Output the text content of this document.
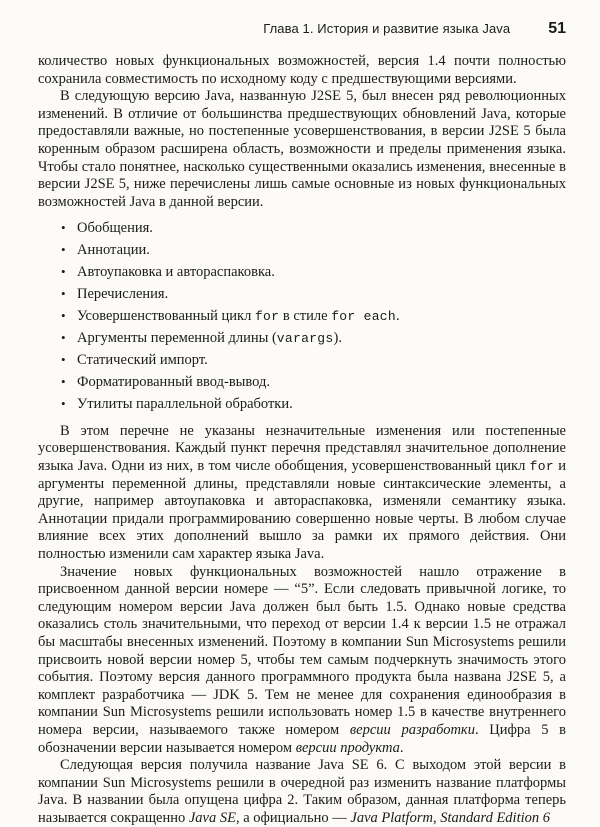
Глава 1. История и развитие языка Java 51

количество новых функциональных возможностей, версия 1.4 почти полностью сохранила совместимость по исходному коду с предшествующими версиями.

В следующую версию Java, названную J2SE 5, был внесен ряд революционных изменений. В отличие от большинства предшествующих обновлений Java, которые предоставляли важные, но постепенные усовершенствования, в версии J2SE 5 была коренным образом расширена область, возможности и пределы применения языка. Чтобы стало понятнее, насколько существенными оказались изменения, внесенные в версии J2SE 5, ниже перечислены лишь самые основные из новых функциональных возможностей Java в данной версии.

• Обобщения.
• Аннотации.
• Автоупаковка и автораспаковка.
• Перечисления.
• Усовершенствованный цикл for в стиле for each.
• Аргументы переменной длины (varargs).
• Статический импорт.
• Форматированный ввод-вывод.
• Утилиты параллельной обработки.

В этом перечне не указаны незначительные изменения или постепенные усовершенствования. Каждый пункт перечня представлял значительное дополнение языка Java. Одни из них, в том числе обобщения, усовершенствованный цикл for и аргументы переменной длины, представляли новые синтаксические элементы, а другие, например автоупаковка и автораспаковка, изменяли семантику языка. Аннотации придали программированию совершенно новые черты. В любом случае влияние всех этих дополнений вышло за рамки их прямого действия. Они полностью изменили сам характер языка Java.

Значение новых функциональных возможностей нашло отражение в присвоенном данной версии номере — “5”. Если следовать привычной логике, то следующим номером версии Java должен был быть 1.5. Однако новые средства оказались столь значительными, что переход от версии 1.4 к версии 1.5 не отражал бы масштабы внесенных изменений. Поэтому в компании Sun Microsystems решили присвоить новой версии номер 5, чтобы тем самым подчеркнуть значимость этого события. Поэтому версия данного программного продукта была названа J2SE 5, а комплект разработчика — JDK 5. Тем не менее для сохранения единообразия в компании Sun Microsystems решили использовать номер 1.5 в качестве внутреннего номера версии, называемого также номером версии разработки. Цифра 5 в обозначении версии называется номером версии продукта.

Следующая версия получила название Java SE 6. С выходом этой версии в компании Sun Microsystems решили в очередной раз изменить название платформы Java. В названии была опущена цифра 2. Таким образом, данная платформа теперь называется сокращенно Java SE, а официально — Java Platform, Standard Edition 6
